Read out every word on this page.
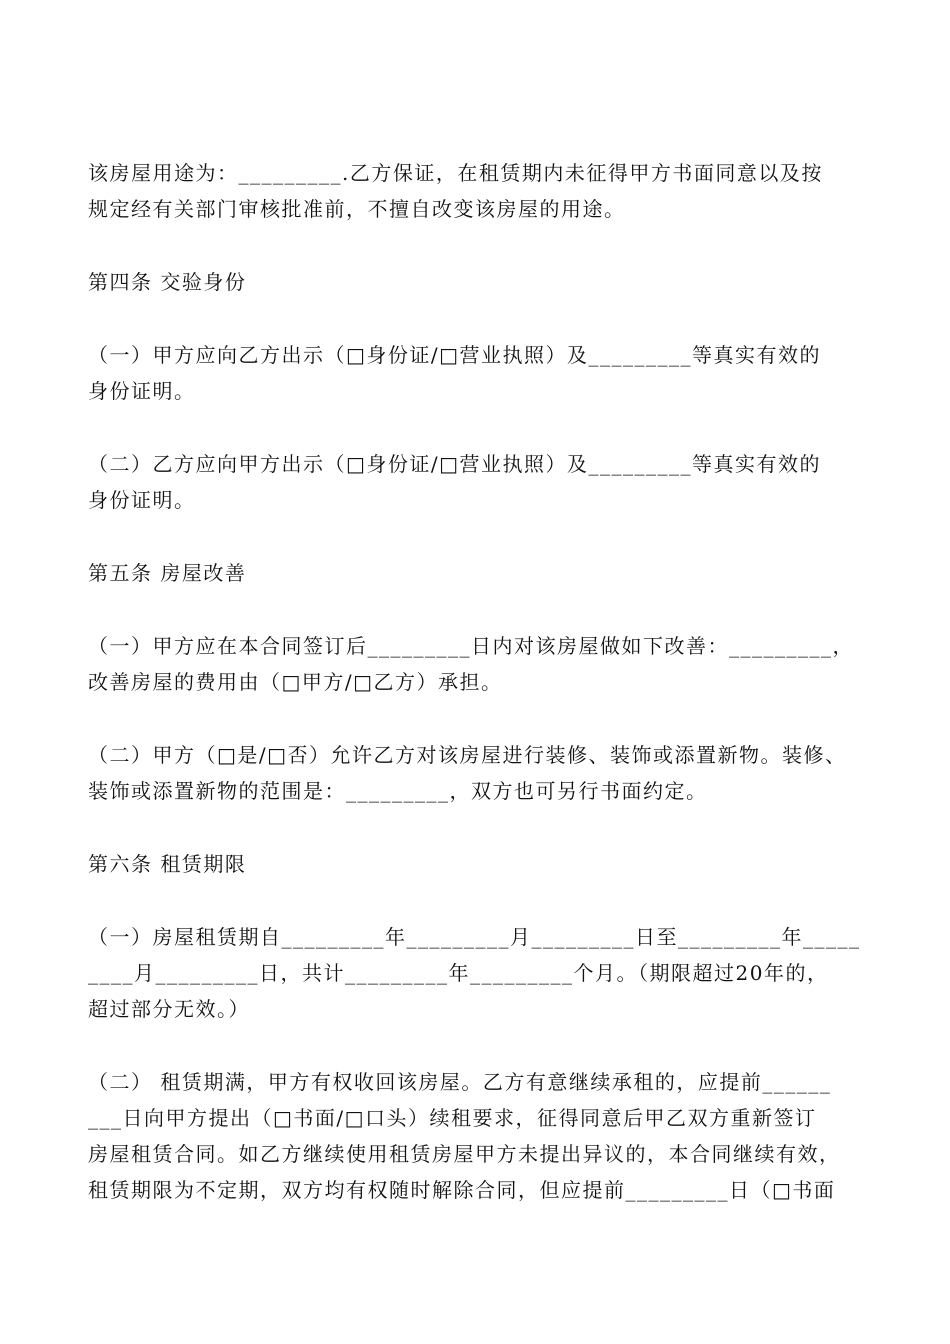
该房屋用途为：_________.乙方保证，在租赁期内未征得甲方书面同意以及按
规定经有关部门审核批准前，不擅自改变该房屋的用途。
第四条 交验身份
（一）甲方应向乙方出示（□身份证/□营业执照）及_________等真实有效的
身份证明。
（二）乙方应向甲方出示（□身份证/□营业执照）及_________等真实有效的
身份证明。
第五条 房屋改善
（一）甲方应在本合同签订后_________日内对该房屋做如下改善：_________，
改善房屋的费用由（□甲方/□乙方）承担。
（二）甲方（□是/□否）允许乙方对该房屋进行装修、装饰或添置新物。装修、
装饰或添置新物的范围是：_________，双方也可另行书面约定。
第六条 租赁期限
（一）房屋租赁期自_________年_________月_________日至_________年_____
____月_________日，共计_________年_________个月。（期限超过20年的，
超过部分无效。）
（二） 租赁期满，甲方有权收回该房屋。乙方有意继续承租的，应提前______
___日向甲方提出（□书面/□口头）续租要求，征得同意后甲乙双方重新签订
房屋租赁合同。如乙方继续使用租赁房屋甲方未提出异议的，本合同继续有效，
租赁期限为不定期，双方均有权随时解除合同，但应提前_________日（□书面
